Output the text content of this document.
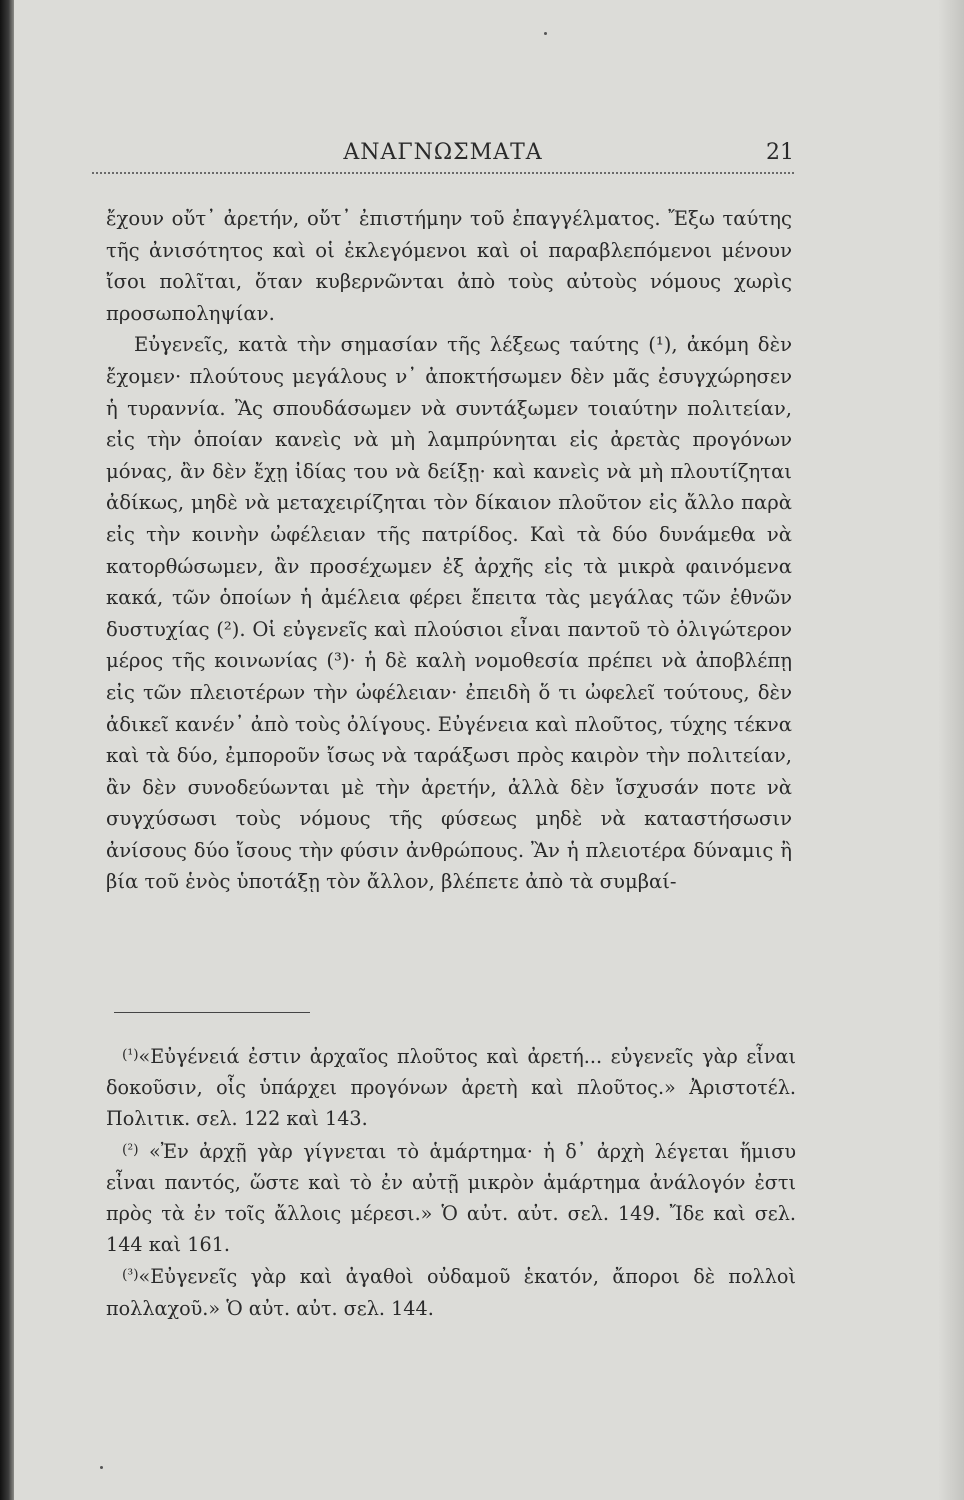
ΑΝΑΓΝΩΣΜΑΤΑ	21

ἔχουν οὔτ᾽ ἀρετήν, οὔτ᾽ ἐπιστήμην τοῦ ἐπαγγέλματος. Ἔξω ταύτης τῆς ἀνισότητος καὶ οἱ ἐκλεγόμενοι καὶ οἱ παραβλεπόμενοι μένουν ἴσοι πολῖται, ὅταν κυβερνῶνται ἀπὸ τοὺς αὐτοὺς νόμους χωρὶς προσωποληψίαν.

Εὐγενεῖς, κατὰ τὴν σημασίαν τῆς λέξεως ταύτης (¹), ἀκόμη δὲν ἔχομεν· πλούτους μεγάλους ν᾽ ἀποκτήσωμεν δὲν μᾶς ἐσυγχώρησεν ἡ τυραννία. Ἂς σπουδάσωμεν νὰ συντάξωμεν τοιαύτην πολιτείαν, εἰς τὴν ὁποίαν κανεὶς νὰ μὴ λαμπρύνηται εἰς ἀρετὰς προγόνων μόνας, ἂν δὲν ἔχῃ ἰδίας του νὰ δείξῃ· καὶ κανεὶς νὰ μὴ πλουτίζηται ἀδίκως, μηδὲ νὰ μεταχειρίζηται τὸν δίκαιον πλοῦτον εἰς ἄλλο παρὰ εἰς τὴν κοινὴν ὠφέλειαν τῆς πατρίδος. Καὶ τὰ δύο δυνάμεθα νὰ κατορθώσωμεν, ἂν προσέχωμεν ἐξ ἀρχῆς εἰς τὰ μικρὰ φαινόμενα κακά, τῶν ὁποίων ἡ ἀμέλεια φέρει ἔπειτα τὰς μεγάλας τῶν ἐθνῶν δυστυχίας (²). Οἱ εὐγενεῖς καὶ πλούσιοι εἶναι παντοῦ τὸ ὀλιγώτερον μέρος τῆς κοινωνίας (³)· ἡ δὲ καλὴ νομοθεσία πρέπει νὰ ἀποβλέπῃ εἰς τῶν πλειοτέρων τὴν ὠφέλειαν· ἐπειδὴ ὅ τι ὠφελεῖ τούτους, δὲν ἀδικεῖ κανέν᾽ ἀπὸ τοὺς ὀλίγους. Εὐγένεια καὶ πλοῦτος, τύχης τέκνα καὶ τὰ δύο, ἐμποροῦν ἴσως νὰ ταράξωσι πρὸς καιρὸν τὴν πολιτείαν, ἂν δὲν συνοδεύωνται μὲ τὴν ἀρετήν, ἀλλὰ δὲν ἴσχυσάν ποτε νὰ συγχύσωσι τοὺς νόμους τῆς φύσεως μηδὲ νὰ καταστήσωσιν ἀνίσους δύο ἴσους τὴν φύσιν ἀνθρώπους. Ἂν ἡ πλειοτέρα δύναμις ἢ βία τοῦ ἑνὸς ὑποτάξῃ τὸν ἄλλον, βλέπετε ἀπὸ τὰ συμβαί-

$^{(^1)}$«Εὐγένειά ἐστιν ἀρχαῖος πλοῦτος καὶ ἀρετή... εὐγενεῖς γὰρ εἶναι δοκοῦσιν, οἷς ὑπάρχει προγόνων ἀρετὴ καὶ πλοῦτος.» Ἀριστοτέλ. Πολιτικ. σελ. 122 καὶ 143.

$^{(^2)}$ «Ἐν ἀρχῇ γὰρ γίγνεται τὸ ἁμάρτημα· ἡ δ᾽ ἀρχὴ λέγεται ἥμισυ εἶναι παντός, ὥστε καὶ τὸ ἐν αὐτῇ μικρὸν ἁμάρτημα ἀνάλογόν ἐστι πρὸς τὰ ἐν τοῖς ἄλλοις μέρεσι.» Ὁ αὐτ. αὐτ. σελ. 149. Ἴδε καὶ σελ. 144 καὶ 161.

$^{(^3)}$«Εὐγενεῖς γὰρ καὶ ἀγαθοὶ οὐδαμοῦ ἑκατόν, ἄποροι δὲ πολλοὶ πολλαχοῦ.» Ὁ αὐτ. αὐτ. σελ. 144.
